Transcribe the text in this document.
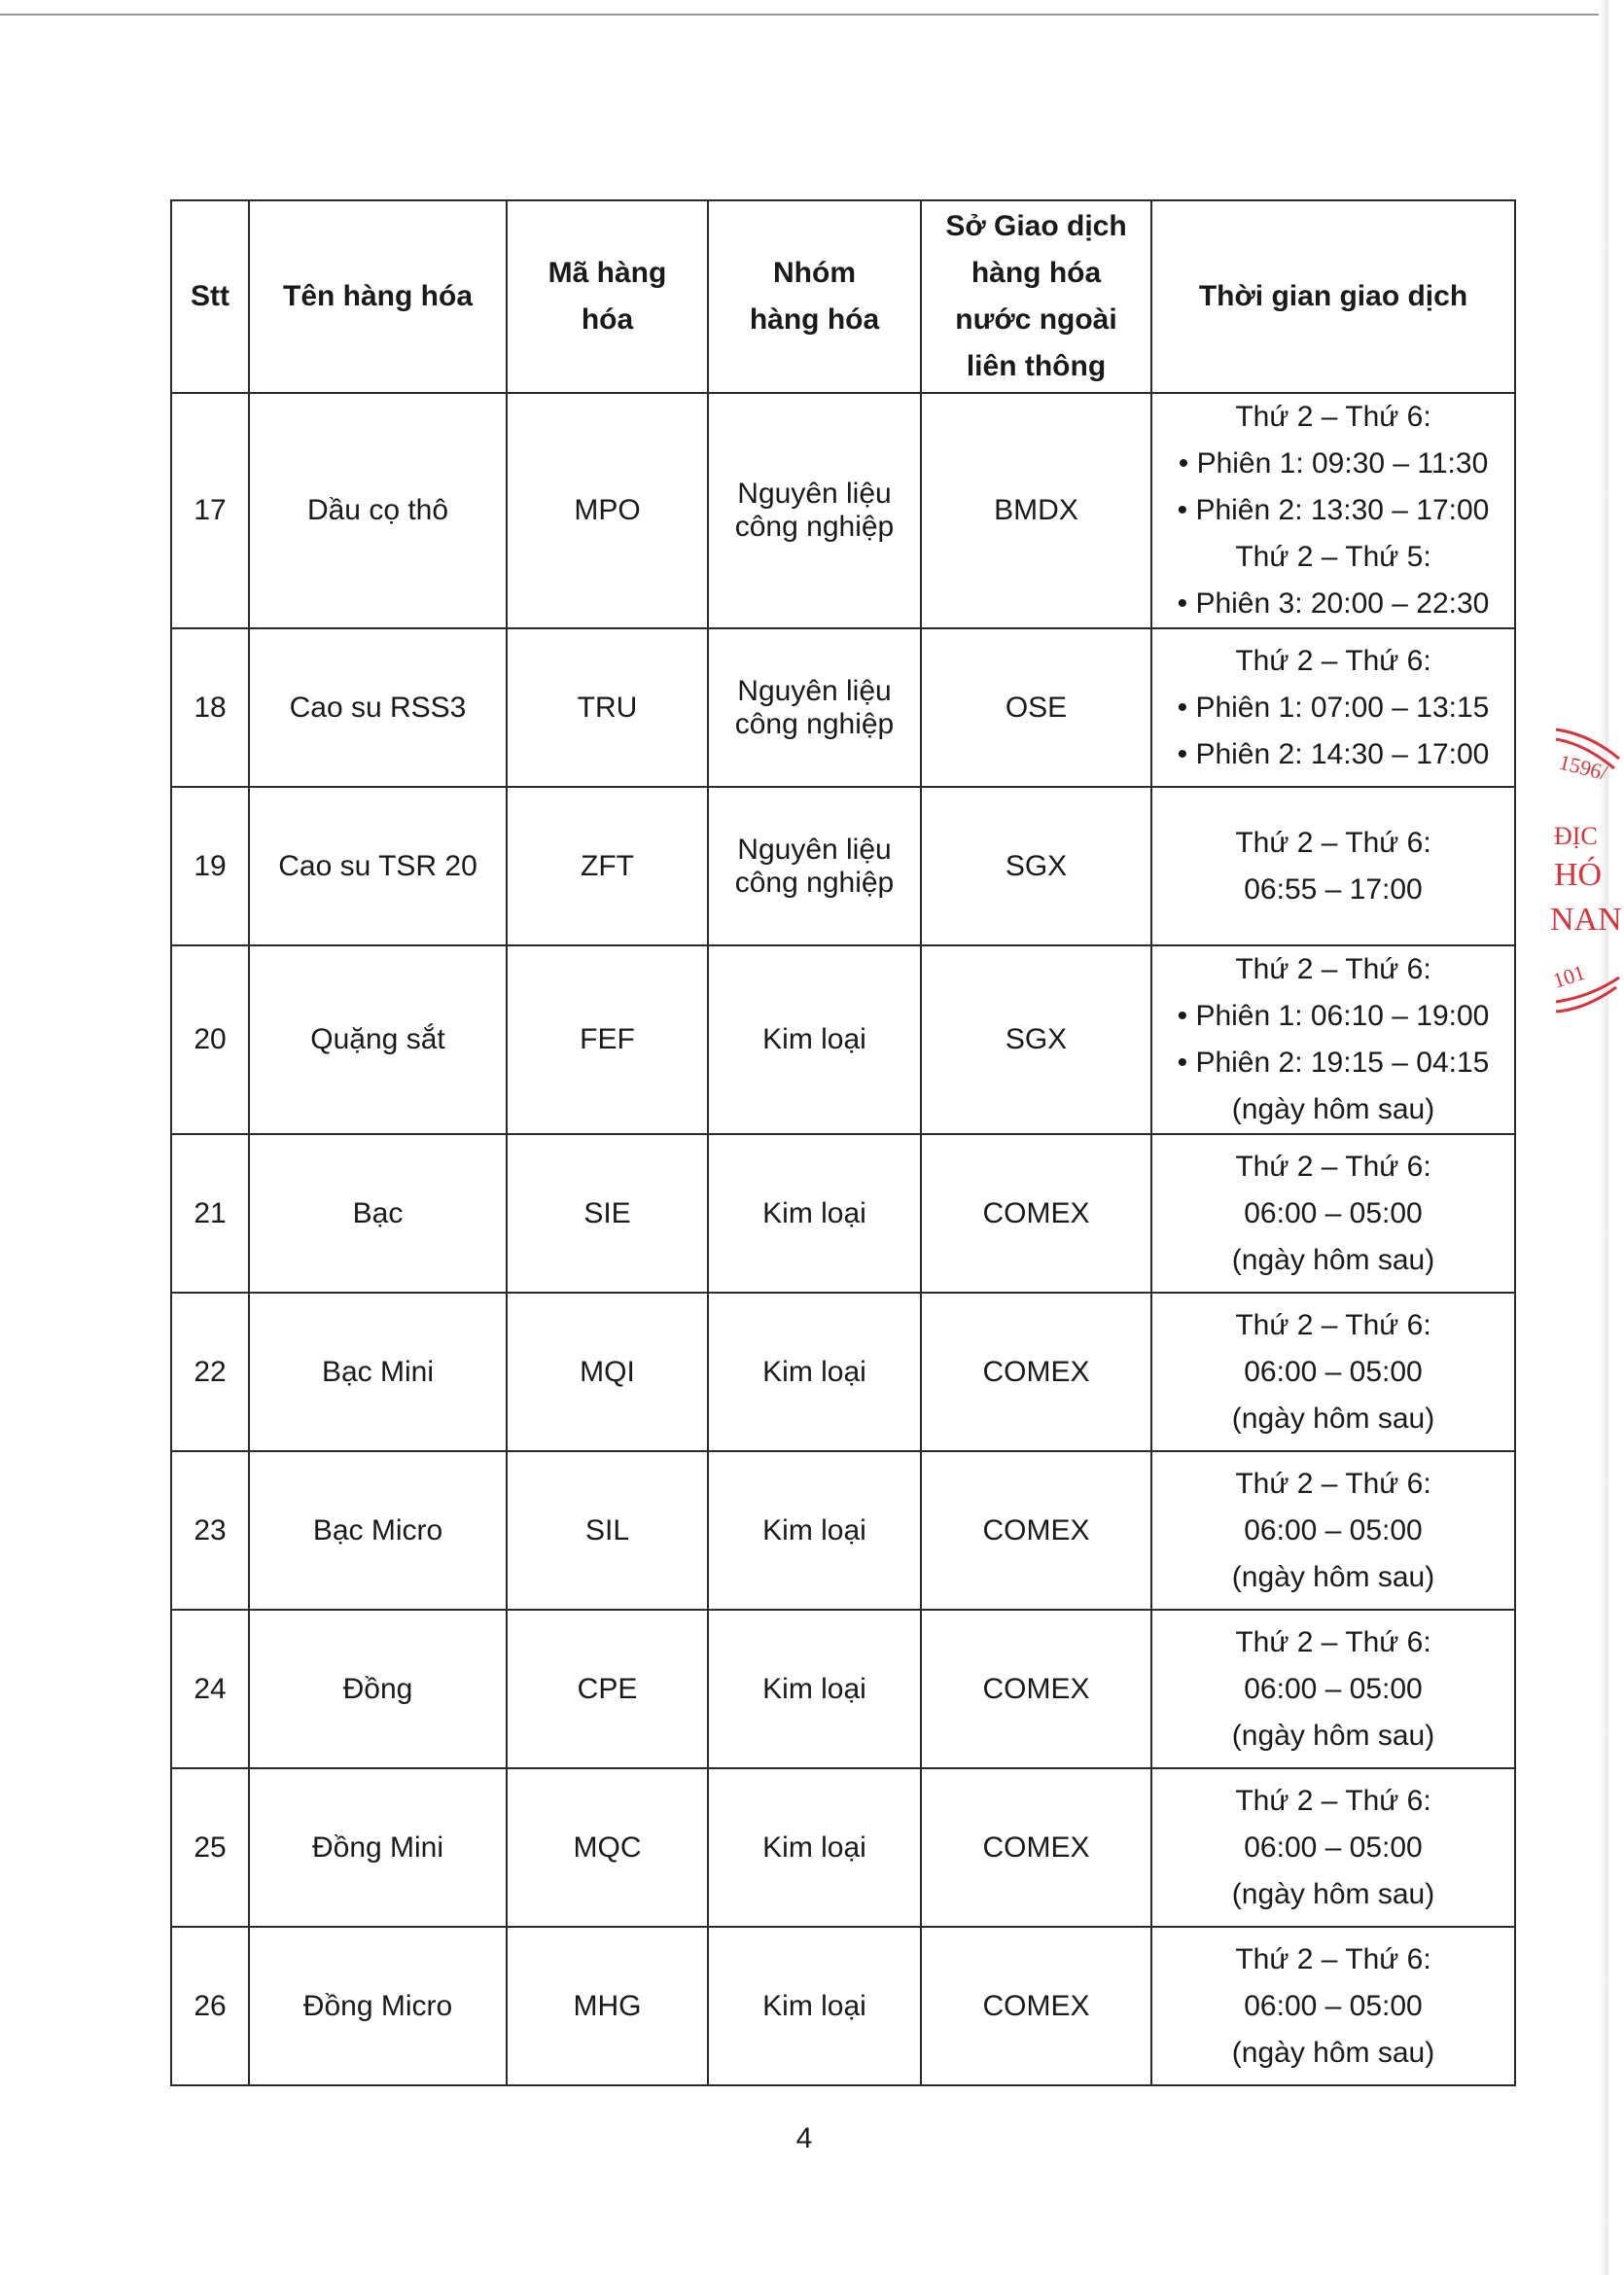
Stt	Tên hàng hóa	Mã hàng hóa	Nhóm hàng hóa	Sở Giao dịch hàng hóa nước ngoài liên thông	Thời gian giao dịch
17	Dầu cọ thô	MPO	Nguyên liệu công nghiệp	BMDX	Thứ 2 – Thứ 6:
• Phiên 1: 09:30 – 11:30
• Phiên 2: 13:30 – 17:00
Thứ 2 – Thứ 5:
• Phiên 3: 20:00 – 22:30

18	Cao su RSS3	TRU	Nguyên liệu công nghiệp	OSE	Thứ 2 – Thứ 6:
• Phiên 1: 07:00 – 13:15
• Phiên 2: 14:30 – 17:00

19	Cao su TSR 20	ZFT	Nguyên liệu công nghiệp	SGX	Thứ 2 – Thứ 6:
06:55 – 17:00

20	Quặng sắt	FEF	Kim loại	SGX	Thứ 2 – Thứ 6:
• Phiên 1: 06:10 – 19:00
• Phiên 2: 19:15 – 04:15
(ngày hôm sau)

21	Bạc	SIE	Kim loại	COMEX	Thứ 2 – Thứ 6:
06:00 – 05:00
(ngày hôm sau)

22	Bạc Mini	MQI	Kim loại	COMEX	Thứ 2 – Thứ 6:
06:00 – 05:00
(ngày hôm sau)

23	Bạc Micro	SIL	Kim loại	COMEX	Thứ 2 – Thứ 6:
06:00 – 05:00
(ngày hôm sau)

24	Đồng	CPE	Kim loại	COMEX	Thứ 2 – Thứ 6:
06:00 – 05:00
(ngày hôm sau)

25	Đồng Mini	MQC	Kim loại	COMEX	Thứ 2 – Thứ 6:
06:00 – 05:00
(ngày hôm sau)

26	Đồng Micro	MHG	Kim loại	COMEX	Thứ 2 – Thứ 6:
06:00 – 05:00
(ngày hôm sau)
4
1596/
ĐỊC
HÓ
NAN
101
